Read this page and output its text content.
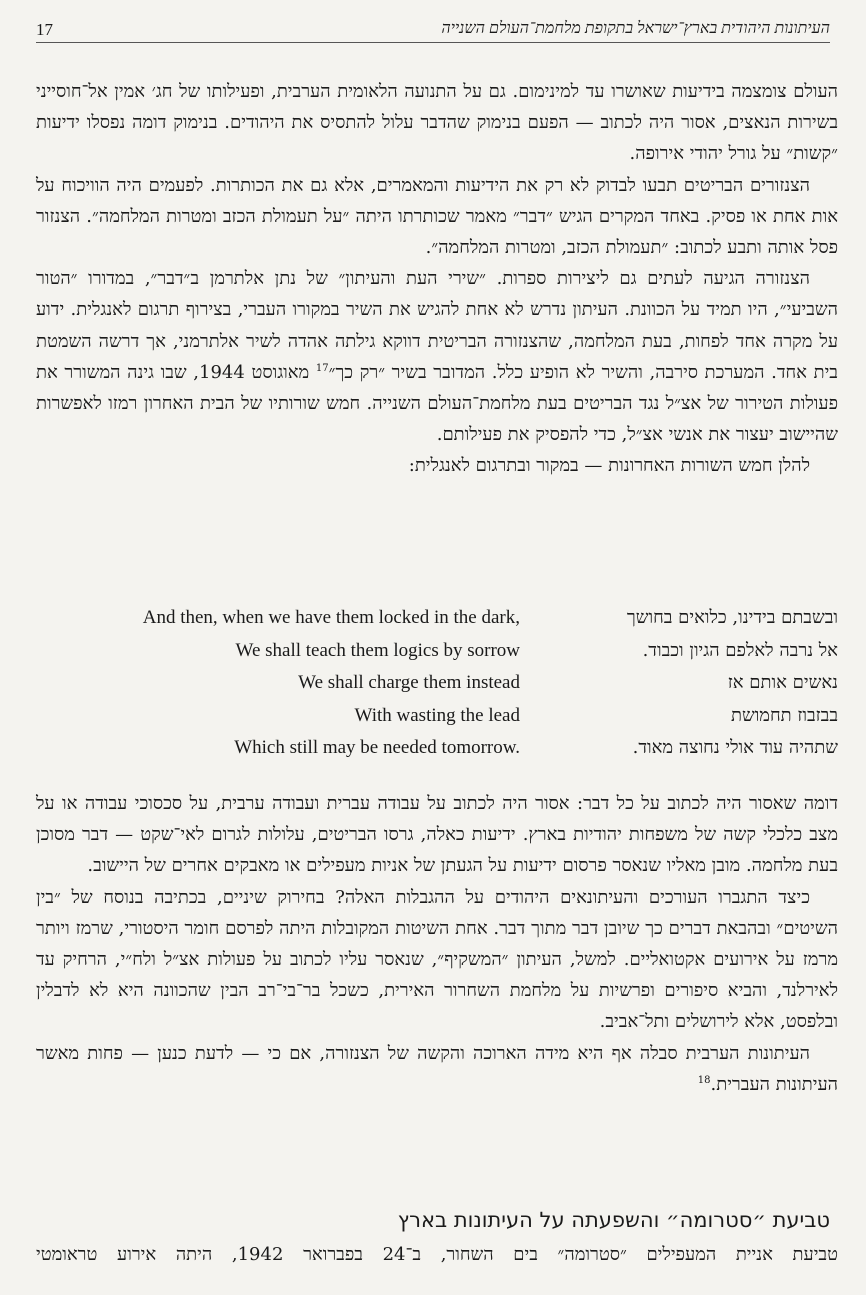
17	העיתונות היהודית בארץ־ישראל בתקופת מלחמת־העולם השנייה

העולם צומצמה בידיעות שאושרו עד למינימום. גם על התנועה הלאומית הערבית, ופעילותו של חג׳ אמין אל־חוסייני בשירות הנאצים, אסור היה לכתוב — הפעם בנימוק שהדבר עלול להתסיס את היהודים. בנימוק דומה נפסלו ידיעות ״קשות״ על גורל יהודי אירופה.

הצנזורים הבריטים תבעו לבדוק לא רק את הידיעות והמאמרים, אלא גם את הכותרות. לפעמים היה הוויכוח על אות אחת או פסיק. באחד המקרים הגיש ״דבר״ מאמר שכותרתו היתה ״על תעמולת הכזב ומטרות המלחמה״. הצנזור פסל אותה ותבע לכתוב: ״תעמולת הכזב, ומטרות המלחמה״.

הצנזורה הגיעה לעתים גם ליצירות ספרות. ״שירי העת והעיתון״ של נתן אלתרמן ב״דבר״, במדורו ״הטור השביעי״, היו תמיד על הכוונת. העיתון נדרש לא אחת להגיש את השיר במקורו העברי, בצירוף תרגום לאנגלית. ידוע על מקרה אחד לפחות, בעת המלחמה, שהצנזורה הבריטית דווקא גילתה אהדה לשיר אלתרמני, אך דרשה השמטת בית אחד. המערכת סירבה, והשיר לא הופיע כלל. המדובר בשיר ״רק כך״$^{17}$ מאוגוסט 1944, שבו גינה המשורר את פעולות הטירור של אצ״ל נגד הבריטים בעת מלחמת־העולם השנייה. חמש שורותיו של הבית האחרון רמזו לאפשרות שהיישוב יעצור את אנשי אצ״ל, כדי להפסיק את פעילותם.

להלן חמש השורות האחרונות — במקור ובתרגום לאנגלית:

ובשבתם בידינו, כלואים בחושך
אל נרבה לאלפם הגיון וכבוד.
נאשים אותם אז
בבזבוז תחמושת
שתהיה עוד אולי נחוצה מאוד.
And then, when we have them locked in the dark,
We shall teach them logics by sorrow
We shall charge them instead
With wasting the lead
Which still may be needed tomorrow.

דומה שאסור היה לכתוב על כל דבר: אסור היה לכתוב על עבודה עברית ועבודה ערבית, על סכסוכי עבודה או על מצב כלכלי קשה של משפחות יהודיות בארץ. ידיעות כאלה, גרסו הבריטים, עלולות לגרום לאי־שקט — דבר מסוכן בעת מלחמה. מובן מאליו שנאסר פרסום ידיעות על הגעתן של אניות מעפילים או מאבקים אחרים של היישוב.

כיצד התגברו העורכים והעיתונאים היהודים על ההגבלות האלה? בחירוק שיניים, בכתיבה בנוסח של ״בין השיטים״ ובהבאת דברים כך שיובן דבר מתוך דבר. אחת השיטות המקובלות היתה לפרסם חומר היסטורי, שרמז ויותר מרמז על אירועים אקטואליים. למשל, העיתון ״המשקיף״, שנאסר עליו לכתוב על פעולות אצ״ל ולח״י, הרחיק עד לאירלנד, והביא סיפורים ופרשיות על מלחמת השחרור האירית, כשכל בר־בי־רב הבין שהכוונה היא לא לדבלין ובלפסט, אלא לירושלים ותל־אביב.

העיתונות הערבית סבלה אף היא מידה הארוכה והקשה של הצנזורה, אם כי — לדעת כנען — פחות מאשר העיתונות העברית.$^{18}$

טביעת ״סטרומה״ והשפעתה על העיתונות בארץ
טביעת אניית המעפילים ״סטרומה״ בים השחור, ב־24 בפברואר 1942, היתה אירוע טראומטי
